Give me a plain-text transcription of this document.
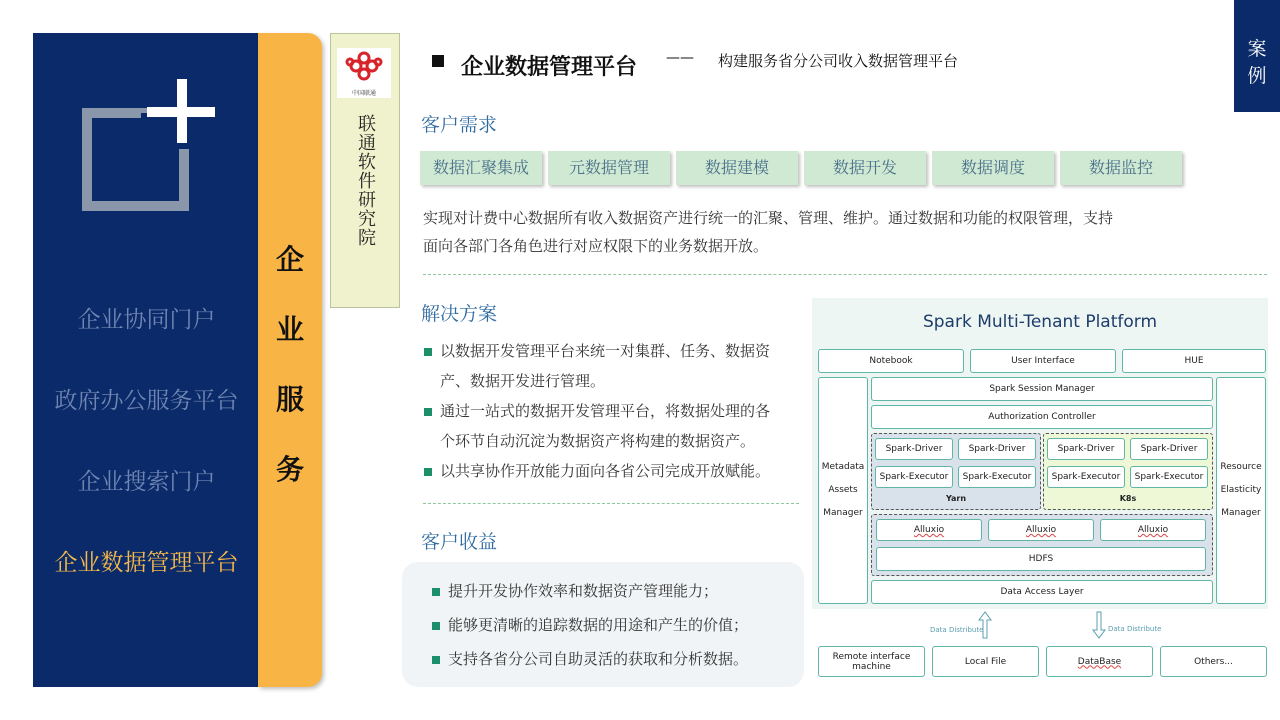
企业协同门户
政府办公服务平台
企业搜索门户
企业数据管理平台
企
业
服
务
中国联通
联通软件研究院
案
例
企业数据管理平台 —— 构建服务省分公司收入数据管理平台
客户需求
数据汇聚集成	元数据管理	数据建模	数据开发	数据调度	数据监控
实现对计费中心数据所有收入数据资产进行统一的汇聚、管理、维护。通过数据和功能的权限管理，支持
面向各部门各角色进行对应权限下的业务数据开放。
解决方案
以数据开发管理平台来统一对集群、任务、数据资
产、数据开发进行管理。
通过一站式的数据开发管理平台，将数据处理的各
个环节自动沉淀为数据资产将构建的数据资产。
以共享协作开放能力面向各省公司完成开放赋能。
客户收益
提升开发协作效率和数据资产管理能力；
能够更清晰的追踪数据的用途和产生的价值；
支持各省分公司自助灵活的获取和分析数据。
Spark Multi-Tenant Platform
Notebook	User Interface	HUE
Metadata
Assets
Manager
Resource
Elasticity
Manager
Spark Session Manager
Authorization Controller
Spark-Driver	Spark-Driver
Spark-Executor	Spark-Executor
Yarn
Spark-Driver	Spark-Driver
Spark-Executor	Spark-Executor
K8s
Alluxio	Alluxio	Alluxio
HDFS
Data Access Layer
Data Distribute	Data Distribute
Remote interface machine	Local File	DataBase	Others...
